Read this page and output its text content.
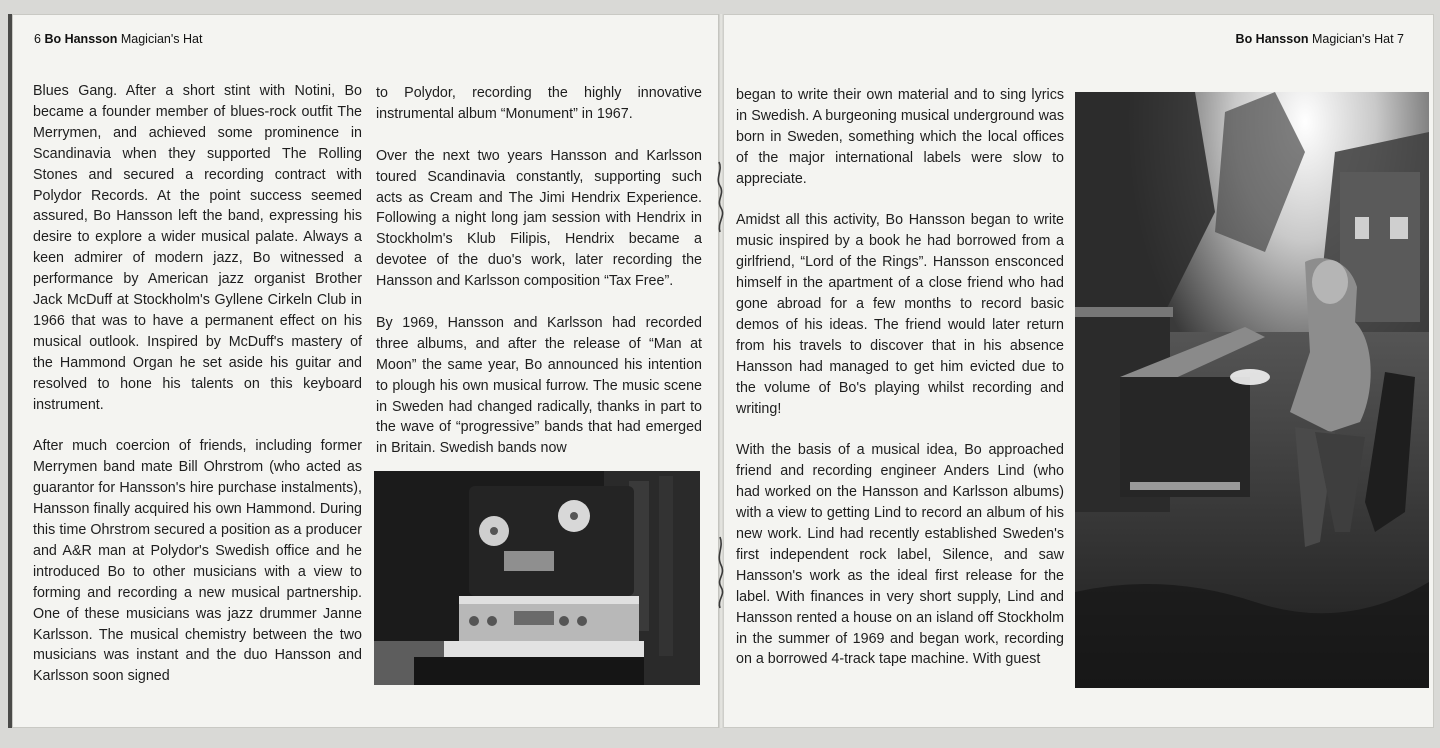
6 Bo Hansson Magician's Hat	Bo Hansson Magician's Hat 7

Blues Gang. After a short stint with Notini, Bo became a founder member of blues-rock outfit The Merrymen, and achieved some prominence in Scandinavia when they supported The Rolling Stones and secured a recording contract with Polydor Records. At the point success seemed assured, Bo Hansson left the band, expressing his desire to explore a wider musical palate. Always a keen admirer of modern jazz, Bo witnessed a performance by American jazz organist Brother Jack McDuff at Stockholm's Gyllene Cirkeln Club in 1966 that was to have a permanent effect on his musical outlook. Inspired by McDuff's mastery of the Hammond Organ he set aside his guitar and resolved to hone his talents on this keyboard instrument.

After much coercion of friends, including former Merrymen band mate Bill Ohrstrom (who acted as guarantor for Hansson's hire purchase instalments), Hansson finally acquired his own Hammond. During this time Ohrstrom secured a position as a producer and A&R man at Polydor's Swedish office and he introduced Bo to other musicians with a view to forming and recording a new musical partnership. One of these musicians was jazz drummer Janne Karlsson. The musical chemistry between the two musicians was instant and the duo Hansson and Karlsson soon signed

to Polydor, recording the highly innovative instrumental album “Monument” in 1967.

Over the next two years Hansson and Karlsson toured Scandinavia constantly, supporting such acts as Cream and The Jimi Hendrix Experience. Following a night long jam session with Hendrix in Stockholm's Klub Filipis, Hendrix became a devotee of the duo's work, later recording the Hansson and Karlsson composition “Tax Free”.

By 1969, Hansson and Karlsson had recorded three albums, and after the release of “Man at Moon” the same year, Bo announced his intention to plough his own musical furrow. The music scene in Sweden had changed radically, thanks in part to the wave of “progressive” bands that had emerged in Britain. Swedish bands now

began to write their own material and to sing lyrics in Swedish. A burgeoning musical underground was born in Sweden, something which the local offices of the major international labels were slow to appreciate.

Amidst all this activity, Bo Hansson began to write music inspired by a book he had borrowed from a girlfriend, “Lord of the Rings”. Hansson ensconced himself in the apartment of a close friend who had gone abroad for a few months to record basic demos of his ideas. The friend would later return from his travels to discover that in his absence Hansson had managed to get him evicted due to the volume of Bo's playing whilst recording and writing!

With the basis of a musical idea, Bo approached friend and recording engineer Anders Lind (who had worked on the Hansson and Karlsson albums) with a view to getting Lind to record an album of his new work. Lind had recently established Sweden's first independent rock label, Silence, and saw Hansson's work as the ideal first release for the label. With finances in very short supply, Lind and Hansson rented a house on an island off Stockholm in the summer of 1969 and began work, recording on a borrowed 4-track tape machine. With guest
